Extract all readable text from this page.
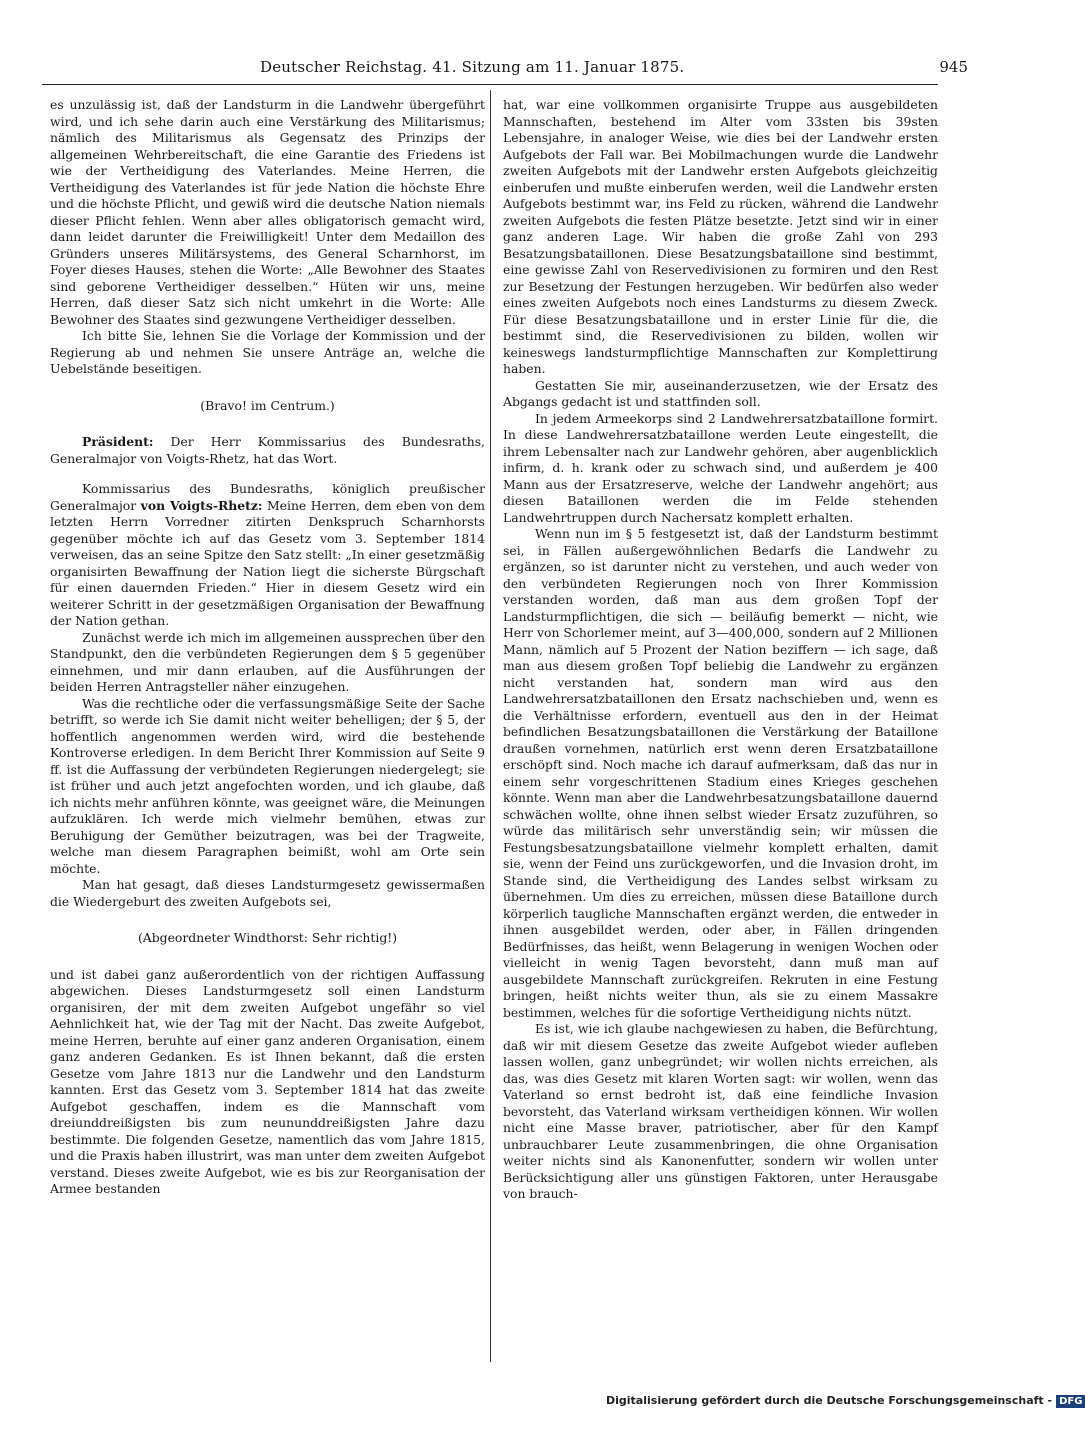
Deutscher Reichstag. 41. Sitzung am 11. Januar 1875.	945

es unzulässig ist, daß der Landsturm in die Landwehr übergeführt wird, und ich sehe darin auch eine Verstärkung des Militarismus; nämlich des Militarismus als Gegensatz des Prinzips der allgemeinen Wehrbereitschaft, die eine Garantie des Friedens ist wie der Vertheidigung des Vaterlandes. Meine Herren, die Vertheidigung des Vaterlandes ist für jede Nation die höchste Ehre und die höchste Pflicht, und gewiß wird die deutsche Nation niemals dieser Pflicht fehlen. Wenn aber alles obligatorisch gemacht wird, dann leidet darunter die Freiwilligkeit! Unter dem Medaillon des Gründers unseres Militärsystems, des General Scharnhorst, im Foyer dieses Hauses, stehen die Worte: „Alle Bewohner des Staates sind geborene Vertheidiger desselben.“ Hüten wir uns, meine Herren, daß dieser Satz sich nicht umkehrt in die Worte: Alle Bewohner des Staates sind gezwungene Vertheidiger desselben.

Ich bitte Sie, lehnen Sie die Vorlage der Kommission und der Regierung ab und nehmen Sie unsere Anträge an, welche die Uebelstände beseitigen.

(Bravo! im Centrum.)

Präsident: Der Herr Kommissarius des Bundesraths, Generalmajor von Voigts-Rhetz, hat das Wort.

Kommissarius des Bundesraths, königlich preußischer Generalmajor von Voigts-Rhetz: Meine Herren, dem eben von dem letzten Herrn Vorredner zitirten Denkspruch Scharnhorsts gegenüber möchte ich auf das Gesetz vom 3. September 1814 verweisen, das an seine Spitze den Satz stellt: „In einer gesetzmäßig organisirten Bewaffnung der Nation liegt die sicherste Bürgschaft für einen dauernden Frieden.“ Hier in diesem Gesetz wird ein weiterer Schritt in der gesetzmäßigen Organisation der Bewaffnung der Nation gethan.

Zunächst werde ich mich im allgemeinen aussprechen über den Standpunkt, den die verbündeten Regierungen dem § 5 gegenüber einnehmen, und mir dann erlauben, auf die Ausführungen der beiden Herren Antragsteller näher einzugehen.

Was die rechtliche oder die verfassungsmäßige Seite der Sache betrifft, so werde ich Sie damit nicht weiter behelligen; der § 5, der hoffentlich angenommen werden wird, wird die bestehende Kontroverse erledigen. In dem Bericht Ihrer Kommission auf Seite 9 ff. ist die Auffassung der verbündeten Regierungen niedergelegt; sie ist früher und auch jetzt angefochten worden, und ich glaube, daß ich nichts mehr anführen könnte, was geeignet wäre, die Meinungen aufzuklären. Ich werde mich vielmehr bemühen, etwas zur Beruhigung der Gemüther beizutragen, was bei der Tragweite, welche man diesem Paragraphen beimißt, wohl am Orte sein möchte.

Man hat gesagt, daß dieses Landsturmgesetz gewissermaßen die Wiedergeburt des zweiten Aufgebots sei,

(Abgeordneter Windthorst: Sehr richtig!)

und ist dabei ganz außerordentlich von der richtigen Auffassung abgewichen. Dieses Landsturmgesetz soll einen Landsturm organisiren, der mit dem zweiten Aufgebot ungefähr so viel Aehnlichkeit hat, wie der Tag mit der Nacht. Das zweite Aufgebot, meine Herren, beruhte auf einer ganz anderen Organisation, einem ganz anderen Gedanken. Es ist Ihnen bekannt, daß die ersten Gesetze vom Jahre 1813 nur die Landwehr und den Landsturm kannten. Erst das Gesetz vom 3. September 1814 hat das zweite Aufgebot geschaffen, indem es die Mannschaft vom dreiunddreißigsten bis zum neununddreißigsten Jahre dazu bestimmte. Die folgenden Gesetze, namentlich das vom Jahre 1815, und die Praxis haben illustrirt, was man unter dem zweiten Aufgebot verstand. Dieses zweite Aufgebot, wie es bis zur Reorganisation der Armee bestanden

hat, war eine vollkommen organisirte Truppe aus ausgebildeten Mannschaften, bestehend im Alter vom 33sten bis 39sten Lebensjahre, in analoger Weise, wie dies bei der Landwehr ersten Aufgebots der Fall war. Bei Mobilmachungen wurde die Landwehr zweiten Aufgebots mit der Landwehr ersten Aufgebots gleichzeitig einberufen und mußte einberufen werden, weil die Landwehr ersten Aufgebots bestimmt war, ins Feld zu rücken, während die Landwehr zweiten Aufgebots die festen Plätze besetzte. Jetzt sind wir in einer ganz anderen Lage. Wir haben die große Zahl von 293 Besatzungsbataillonen. Diese Besatzungsbataillone sind bestimmt, eine gewisse Zahl von Reservedivisionen zu formiren und den Rest zur Besetzung der Festungen herzugeben. Wir bedürfen also weder eines zweiten Aufgebots noch eines Landsturms zu diesem Zweck. Für diese Besatzungsbataillone und in erster Linie für die, die bestimmt sind, die Reservedivisionen zu bilden, wollen wir keineswegs landsturmpflichtige Mannschaften zur Komplettirung haben.

Gestatten Sie mir, auseinanderzusetzen, wie der Ersatz des Abgangs gedacht ist und stattfinden soll.

In jedem Armeekorps sind 2 Landwehrersatzbataillone formirt. In diese Landwehrersatzbataillone werden Leute eingestellt, die ihrem Lebensalter nach zur Landwehr gehören, aber augenblicklich infirm, d. h. krank oder zu schwach sind, und außerdem je 400 Mann aus der Ersatzreserve, welche der Landwehr angehört; aus diesen Bataillonen werden die im Felde stehenden Landwehrtruppen durch Nachersatz komplett erhalten.

Wenn nun im § 5 festgesetzt ist, daß der Landsturm bestimmt sei, in Fällen außergewöhnlichen Bedarfs die Landwehr zu ergänzen, so ist darunter nicht zu verstehen, und auch weder von den verbündeten Regierungen noch von Ihrer Kommission verstanden worden, daß man aus dem großen Topf der Landsturmpflichtigen, die sich — beiläufig bemerkt — nicht, wie Herr von Schorlemer meint, auf 3—400,000, sondern auf 2 Millionen Mann, nämlich auf 5 Prozent der Nation beziffern — ich sage, daß man aus diesem großen Topf beliebig die Landwehr zu ergänzen nicht verstanden hat, sondern man wird aus den Landwehrersatzbataillonen den Ersatz nachschieben und, wenn es die Verhältnisse erfordern, eventuell aus den in der Heimat befindlichen Besatzungsbataillonen die Verstärkung der Bataillone draußen vornehmen, natürlich erst wenn deren Ersatzbataillone erschöpft sind. Noch mache ich darauf aufmerksam, daß das nur in einem sehr vorgeschrittenen Stadium eines Krieges geschehen könnte. Wenn man aber die Landwehrbesatzungsbataillone dauernd schwächen wollte, ohne ihnen selbst wieder Ersatz zuzuführen, so würde das militärisch sehr unverständig sein; wir müssen die Festungsbesatzungsbataillone vielmehr komplett erhalten, damit sie, wenn der Feind uns zurückgeworfen, und die Invasion droht, im Stande sind, die Vertheidigung des Landes selbst wirksam zu übernehmen. Um dies zu erreichen, müssen diese Bataillone durch körperlich taugliche Mannschaften ergänzt werden, die entweder in ihnen ausgebildet werden, oder aber, in Fällen dringenden Bedürfnisses, das heißt, wenn Belagerung in wenigen Wochen oder vielleicht in wenig Tagen bevorsteht, dann muß man auf ausgebildete Mannschaft zurückgreifen. Rekruten in eine Festung bringen, heißt nichts weiter thun, als sie zu einem Massakre bestimmen, welches für die sofortige Vertheidigung nichts nützt.

Es ist, wie ich glaube nachgewiesen zu haben, die Befürchtung, daß wir mit diesem Gesetze das zweite Aufgebot wieder aufleben lassen wollen, ganz unbegründet; wir wollen nichts erreichen, als das, was dies Gesetz mit klaren Worten sagt: wir wollen, wenn das Vaterland so ernst bedroht ist, daß eine feindliche Invasion bevorsteht, das Vaterland wirksam vertheidigen können. Wir wollen nicht eine Masse braver, patriotischer, aber für den Kampf unbrauchbarer Leute zusammenbringen, die ohne Organisation weiter nichts sind als Kanonenfutter, sondern wir wollen unter Berücksichtigung aller uns günstigen Faktoren, unter Herausgabe von brauch-

Digitalisierung gefördert durch die Deutsche Forschungsgemeinschaft - DFG
